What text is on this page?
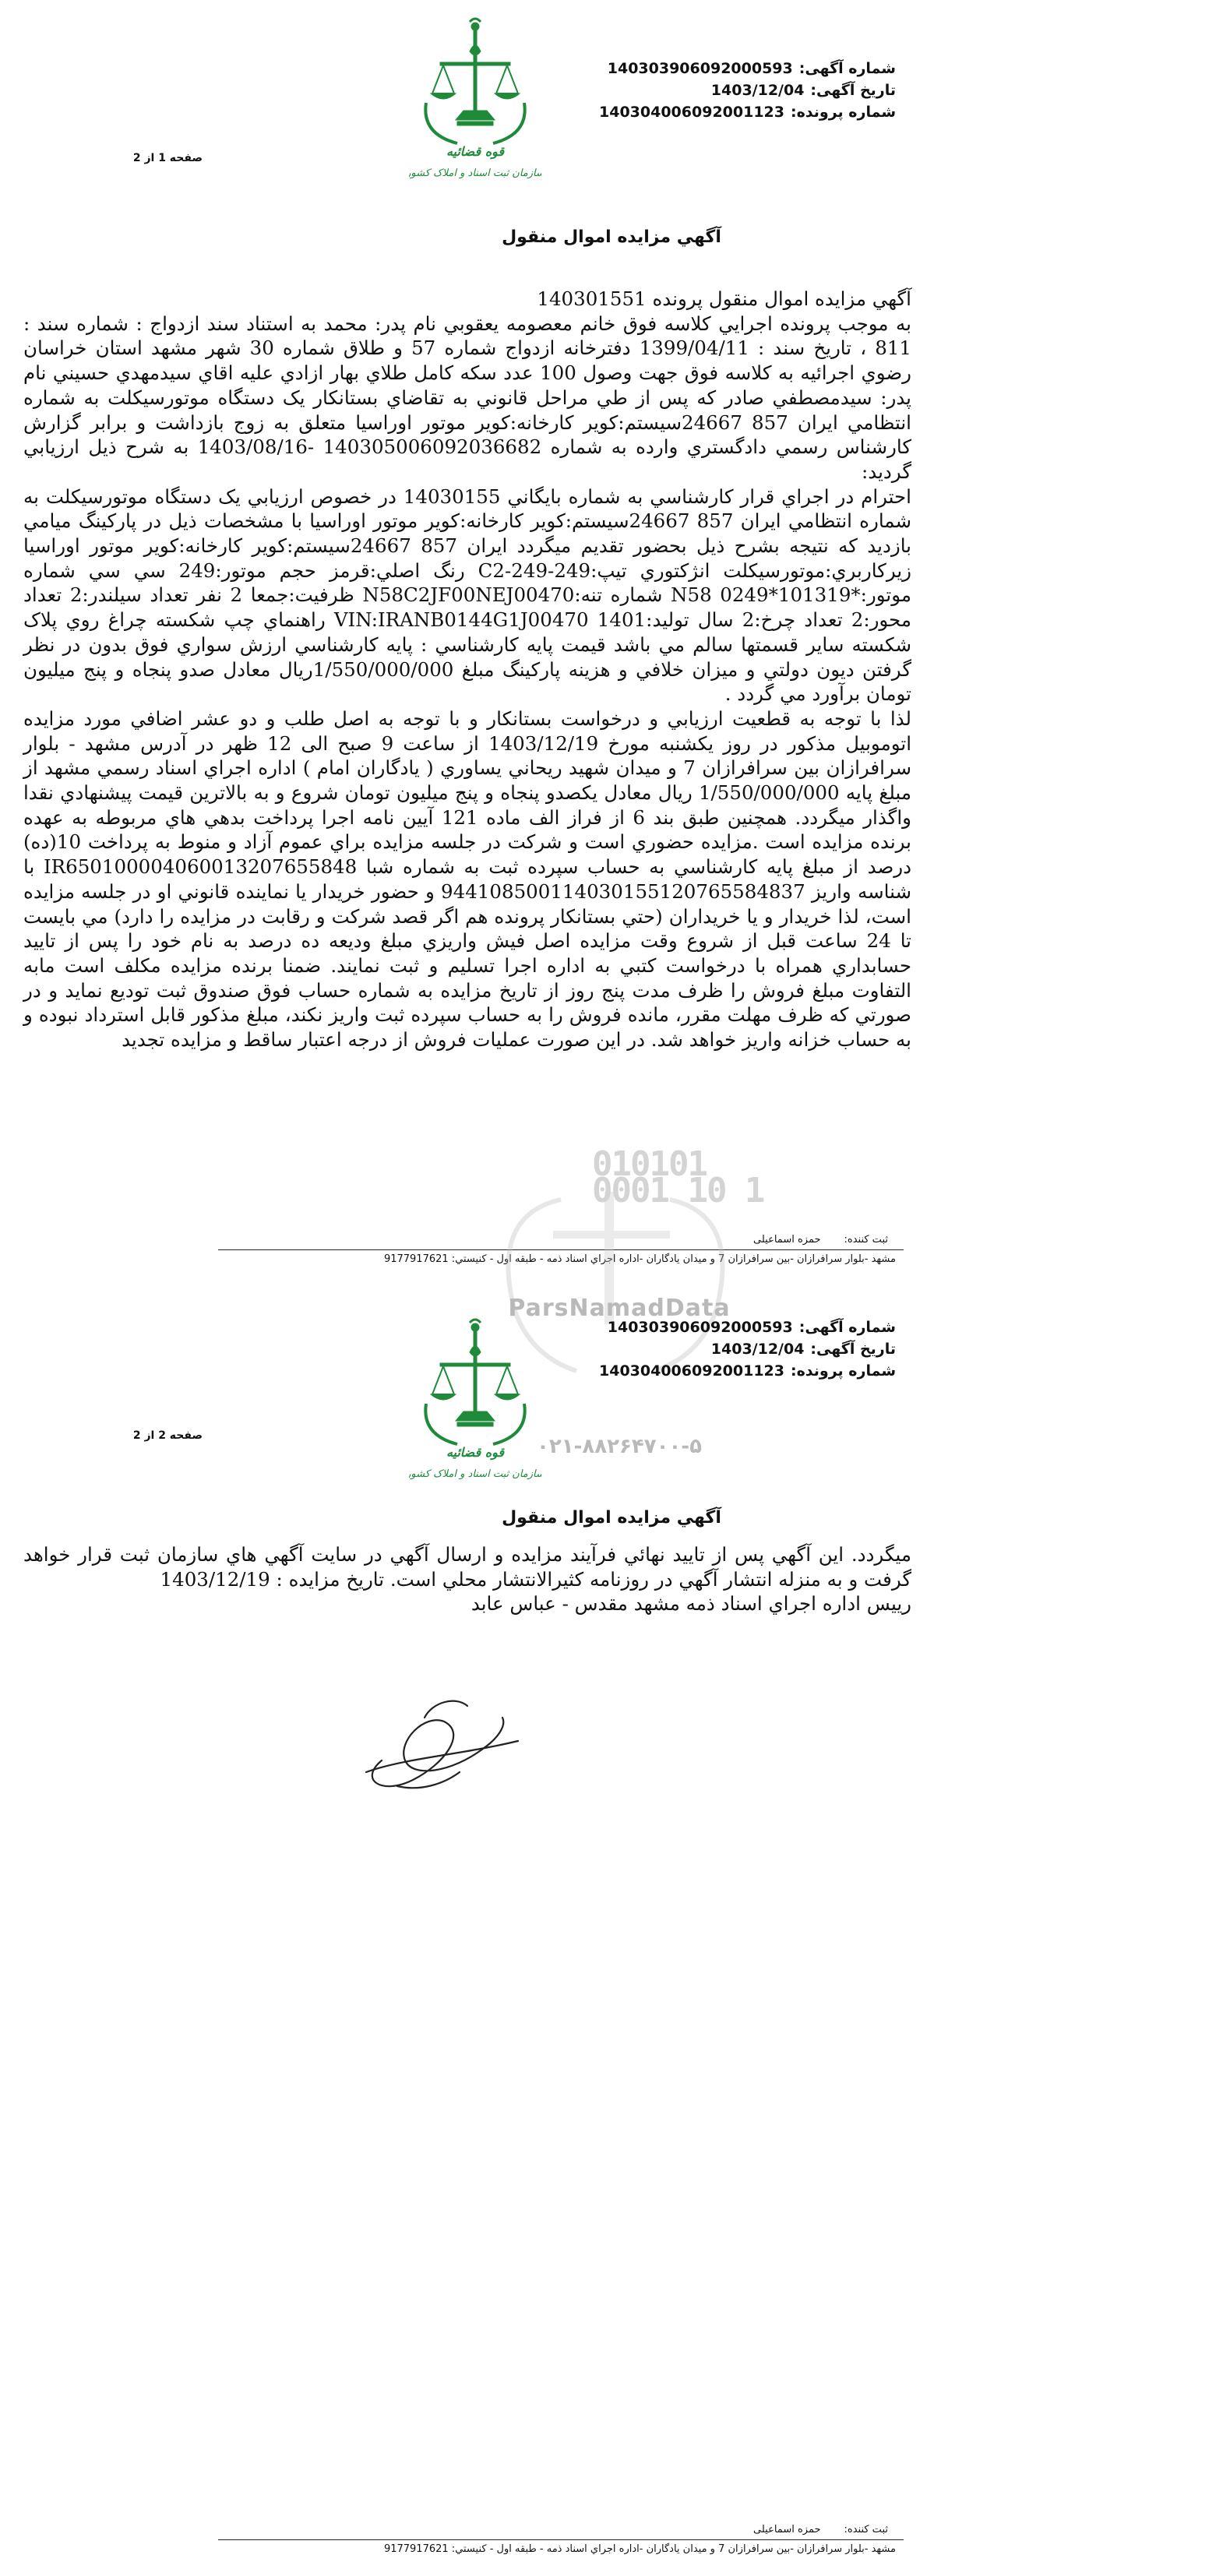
قوه قضائیه
سازمان ثبت اسناد و املاک کشور
شماره آگهی:140303906092000593
تاریخ آگهی:1403/12/04
شماره پرونده:140304006092001123
صفحه 1 از 2
آگهي مزايده اموال منقول

آگهي مزايده اموال منقول پرونده 140301551

به موجب پرونده اجرايي کلاسه فوق خانم معصومه يعقوبي نام پدر: محمد به استناد سند ازدواج : شماره سند : 811 ، تاریخ سند : 1399/04/11 دفترخانه ازدواج شماره 57 و طلاق شماره 30 شهر مشهد استان خراسان رضوي اجرائيه به کلاسه فوق جهت وصول 100 عدد سکه کامل طلاي بهار ازادي عليه اقاي سيدمهدي حسيني نام پدر: سيدمصطفي صادر که پس از طي مراحل قانوني به تقاضاي بستانكار يک دستگاه موتورسيکلت به شماره انتظامي ايران 857 24667سيستم:کوير کارخانه:کوير موتور اوراسيا متعلق به زوج بازداشت و برابر گزارش کارشناس رسمي دادگستري وارده به شماره 140305006092036682 -1403/08/16 به شرح ذيل ارزيابي گرديد:

احترام در اجراي قرار کارشناسي به شماره بايگاني 14030155 در خصوص ارزيابي يک دستگاه موتورسيکلت به شماره انتظامي ايران 857 24667سيستم:کوير کارخانه:کوير موتور اوراسيا با مشخصات ذيل در پارکينگ ميامي بازديد که نتيجه بشرح ذيل بحضور تقديم ميگردد ايران 857 24667سيستم:کوير کارخانه:کوير موتور اوراسيا زيرکاربري:موتورسيکلت انژکتوري تيپ:C2-249-249 رنگ اصلي:قرمز حجم موتور:249 سي سي شماره موتور:*101319*N58 0249 شماره تنه:N58C2JF00NEJ00470 ظرفيت:جمعا 2 نفر تعداد سيلندر:2 تعداد محور:2 تعداد چرخ:2 سال توليد:1401 VIN:IRANB0144G1J00470 راهنماي چپ شکسته چراغ روي پلاک شکسته ساير قسمتها سالم مي باشد قيمت پايه کارشناسي : پايه کارشناسي ارزش سواري فوق بدون در نظر گرفتن ديون دولتي و ميزان خلافي و هزينه پارکينگ مبلغ 1/550/000/000ريال معادل صدو پنجاه و پنج ميليون تومان برآورد مي گردد .

لذا با توجه به قطعيت ارزيابي و درخواست بستانكار و با توجه به اصل طلب و دو عشر اضافي مورد مزايده اتوموبيل مذکور در روز يکشنبه مورخ 1403/12/19 از ساعت 9 صبح الی 12 ظهر در آدرس مشهد - بلوار سرافرازان بين سرافرازان 7 و میدان شهید ريحاني يساوري ( يادگاران امام ) اداره اجراي اسناد رسمي مشهد از مبلغ پايه 1/550/000/000 ريال معادل يکصدو پنجاه و پنج ميليون تومان شروع و به بالاترين قيمت پيشنهادي نقدا واگذار ميگردد. همچنين طبق بند 6 از فراز الف ماده 121 آيين نامه اجرا پرداخت بدهي هاي مربوطه به عهده برنده مزايده است .مزايده حضوري است و شرکت در جلسه مزايده براي عموم آزاد و منوط به پرداخت 10(ده) درصد از مبلغ پايه کارشناسي به حساب سپرده ثبت به شماره شبا IR650100004060013207655848 با شناسه واريز 944108500114030155120765584837 و حضور خريدار يا نماينده قانوني او در جلسه مزايده است، لذا خريدار و يا خريداران (حتي بستانكار پرونده هم اگر قصد شرکت و رقابت در مزايده را دارد) مي بايست تا 24 ساعت قبل از شروع وقت مزايده اصل فيش واريزي مبلغ وديعه ده درصد به نام خود را پس از تاييد حسابداري همراه با درخواست کتبي به اداره اجرا تسليم و ثبت نمايند. ضمنا برنده مزايده مکلف است مابه التفاوت مبلغ فروش را ظرف مدت پنج روز از تاريخ مزايده به شماره حساب فوق صندوق ثبت توديع نمايد و در صورتي که ظرف مهلت مقرر، مانده فروش را به حساب سپرده ثبت واريز نکند، مبلغ مذکور قابل استرداد نبوده و به حساب خزانه واريز خواهد شد. در اين صورت عمليات فروش از درجه اعتبار ساقط و مزايده تجديد

ثبت کننده:حمزه اسماعیلی
مشهد -بلوار سرافرازان -بين سرافرازان 7 و ميدان يادگاران -اداره اجراي اسناد ذمه - طبقه اول - كنيستي: 9177917621
010101 0001 10 1
ParsNamadData
۰۲۱-۸۸۲۶۴۷۰۰-۵
قوه قضائیه
سازمان ثبت اسناد و املاک کشور
شماره آگهی:140303906092000593
تاریخ آگهی:1403/12/04
شماره پرونده:140304006092001123
صفحه 2 از 2
آگهي مزايده اموال منقول

ميگردد. اين آگهي پس از تاييد نهائي فرآيند مزايده و ارسال آگهي در سايت آگهي هاي سازمان ثبت قرار خواهد گرفت و به منزله انتشار آگهي در روزنامه کثيرالانتشار محلي است. تاريخ مزايده : 1403/12/19

رييس اداره اجراي اسناد ذمه مشهد مقدس - عباس عابد

ثبت کننده:حمزه اسماعیلی
مشهد -بلوار سرافرازان -بين سرافرازان 7 و ميدان يادگاران -اداره اجراي اسناد ذمه - طبقه اول - كنيستي: 9177917621
